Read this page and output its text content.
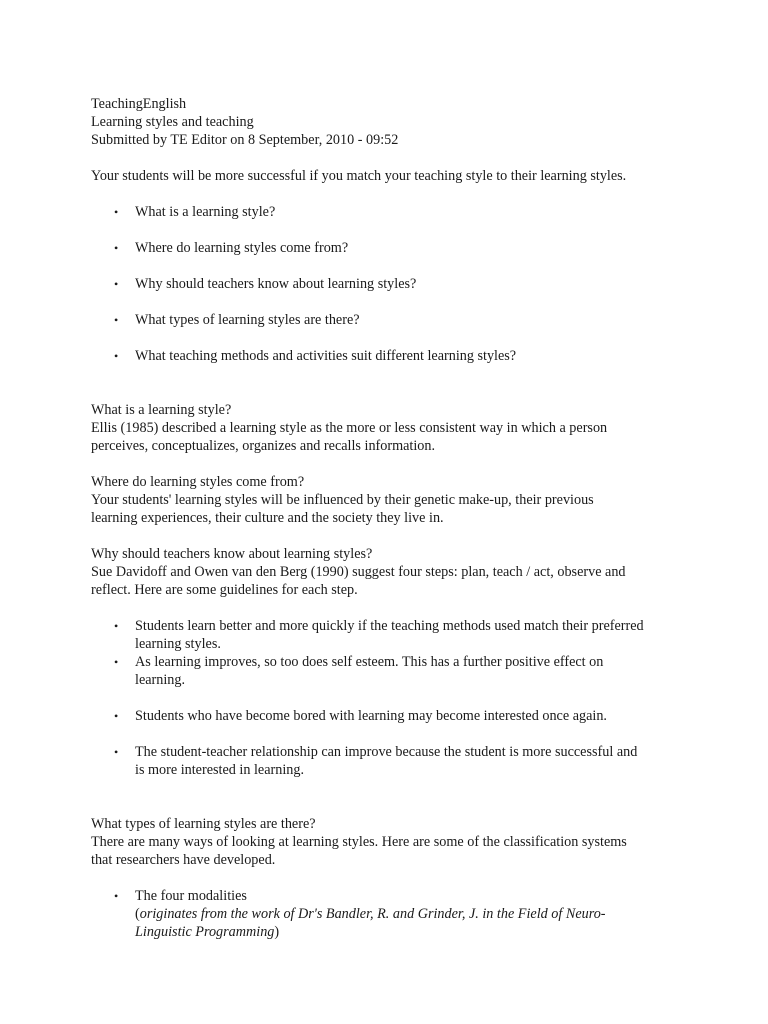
TeachingEnglish
Learning styles and teaching
Submitted by TE Editor on 8 September, 2010 - 09:52

Your students will be more successful if you match your teaching style to their learning styles.

• What is a learning style?
• Where do learning styles come from?
• Why should teachers know about learning styles?
• What types of learning styles are there?
• What teaching methods and activities suit different learning styles?
What is a learning style?
Ellis (1985) described a learning style as the more or less consistent way in which a person
perceives, conceptualizes, organizes and recalls information.
Where do learning styles come from?
Your students' learning styles will be influenced by their genetic make-up, their previous
learning experiences, their culture and the society they live in.
Why should teachers know about learning styles?
Sue Davidoff and Owen van den Berg (1990) suggest four steps: plan, teach / act, observe and
reflect. Here are some guidelines for each step.
• Students learn better and more quickly if the teaching methods used match their preferred
learning styles.
• As learning improves, so too does self esteem. This has a further positive effect on
learning.
• Students who have become bored with learning may become interested once again.
• The student-teacher relationship can improve because the student is more successful and
is more interested in learning.
What types of learning styles are there?
There are many ways of looking at learning styles. Here are some of the classification systems
that researchers have developed.
• The four modalities
(originates from the work of Dr's Bandler, R. and Grinder, J. in the Field of Neuro-
Linguistic Programming)
